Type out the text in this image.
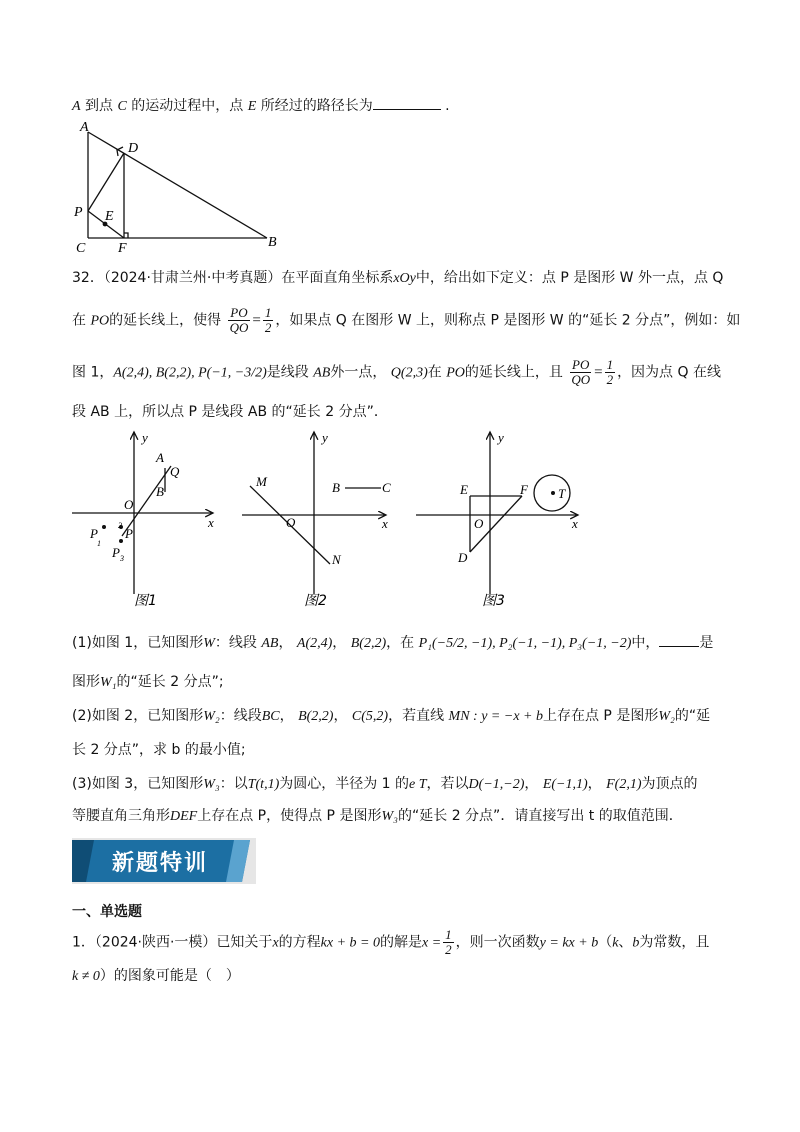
A 到点 C 的运动过程中，点 E 所经过的路径长为	.
A
D
P E
C F	B
32．（2024·甘肃兰州·中考真题）在平面直角坐标系xOy中，给出如下定义：点 P 是图形 W 外一点，点 Q
在 PO的延长线上，使得 $\frac{PO}{QO} = \frac{1}{2}$ ，如果点 Q 在图形 W 上，则称点 P 是图形 W 的“延长 2 分点”，例如：如
图 1，A(2,4), B(2,2), P(−1, −3/2)是线段 AB外一点， Q(2,3)在 PO的延长线上，且 $\frac{PO}{QO} = \frac{1}{2}$ ，因为点 Q 在线
段 AB 上，所以点 P 是线段 AB 的“延长 2 分点”．
y
x
O
A
Q
B
P
1
P
2
P 3
图1
y
x
O
M
N
B	C
图2
y
x
O
E	F
D
T
图3
(1)如图 1，已知图形W：线段 AB， A(2,4)， B(2,2)，在 P₁(−5/2, −1), P₂(−1, −1), P₃(−1, −2)中，	是
图形W₁的“延长 2 分点”;
(2)如图 2，已知图形W₂：线段BC， B(2,2)， C(5,2)，若直线 MN : y = −x + b上存在点 P 是图形W₂的“延
长 2 分点”，求 b 的最小值;
(3)如图 3，已知图形W₃：以T(t,1)为圆心，半径为 1 的e T，若以D(−1,−2)， E(−1,1)， F(2,1)为顶点的
等腰直角三角形DEF上存在点 P，使得点 P 是图形W₃的“延长 2 分点”．请直接写出 t 的取值范围．
新题特训
一、单选题
1．（2024·陕西·一模）已知关于x的方程kx + b = 0的解是$x = \frac{1}{2}$ ，则一次函数y = kx + b（k、b为常数，且
k ≠ 0）的图象可能是（　）
